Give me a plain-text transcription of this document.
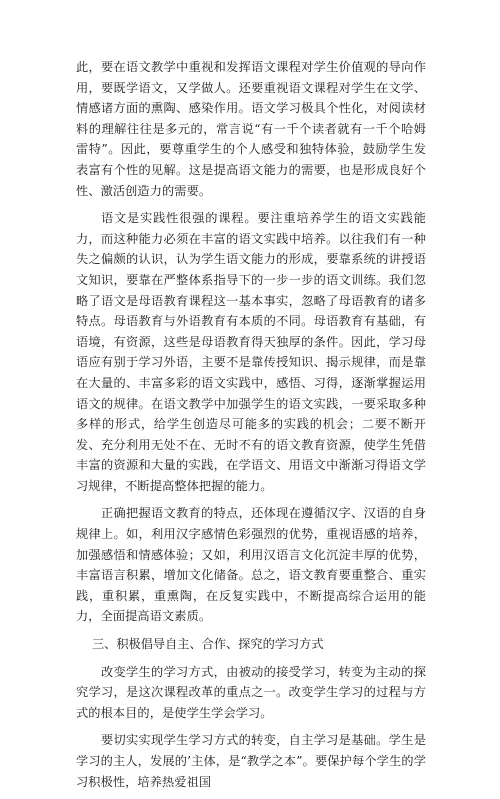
此，要在语文教学中重视和发挥语文课程对学生价值观的导向作用，要既学语文，又学做人。还要重视语文课程对学生在文学、情感诸方面的熏陶、感染作用。语文学习极具个性化，对阅读材料的理解往往是多元的，常言说“有一千个读者就有一千个哈姆雷特”。因此，要尊重学生的个人感受和独特体验，鼓励学生发表富有个性的见解。这是提高语文能力的需要，也是形成良好个性、激活创造力的需要。

语文是实践性很强的课程。要注重培养学生的语文实践能力，而这种能力必须在丰富的语文实践中培养。以往我们有一种失之偏颇的认识，认为学生语文能力的形成，要靠系统的讲授语文知识，要靠在严整体系指导下的一步一步的语文训练。我们忽略了语文是母语教育课程这一基本事实，忽略了母语教育的诸多特点。母语教育与外语教育有本质的不同。母语教育有基础，有语境，有资源，这些是母语教育得天独厚的条件。因此，学习母语应有别于学习外语，主要不是靠传授知识、揭示规律，而是靠在大量的、丰富多彩的语文实践中，感悟、习得，逐渐掌握运用语文的规律。在语文教学中加强学生的语文实践，一要采取多种多样的形式，给学生创造尽可能多的实践的机会；二要不断开发、充分利用无处不在、无时不有的语文教育资源，使学生凭借丰富的资源和大量的实践，在学语文、用语文中渐渐习得语文学习规律，不断提高整体把握的能力。

正确把握语文教育的特点，还体现在遵循汉字、汉语的自身规律上。如，利用汉字感情色彩强烈的优势，重视语感的培养，加强感悟和情感体验；又如，利用汉语言文化沉淀丰厚的优势，丰富语言积累，增加文化储备。总之，语文教育要重整合、重实践，重积累，重熏陶，在反复实践中，不断提高综合运用的能力，全面提高语文素质。

三、积极倡导自主、合作、探究的学习方式

改变学生的学习方式，由被动的接受学习，转变为主动的探究学习，是这次课程改革的重点之一。改变学生学习的过程与方式的根本目的，是使学生学会学习。

要切实实现学生学习方式的转变，自主学习是基础。学生是学习的主人，发展的’主体，是“教学之本”。要保护每个学生的学习积极性，培养热爱祖国
